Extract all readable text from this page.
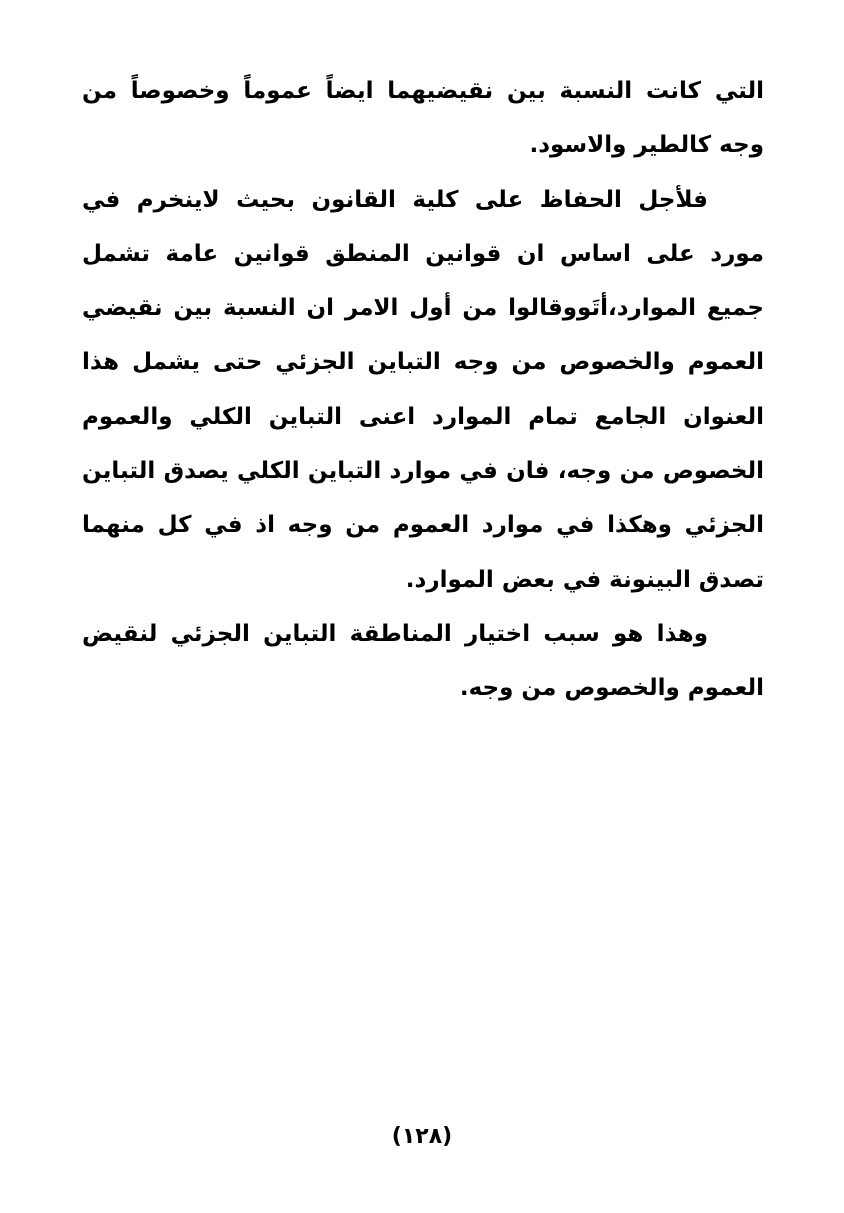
التي كانت النسبة بين نقيضيهما ايضاً عموماً وخصوصاً من وجه كالطير والاسود.

فلأجل الحفاظ على كلية القانون بحيث لاينخرم في مورد على اساس ان قوانين المنطق قوانين عامة تشمل جميع الموارد،أتَووقالوا من أول الامر ان النسبة بين نقيضي العموم والخصوص من وجه التباين الجزئي حتى يشمل هذا العنوان الجامع تمام الموارد اعنى التباين الكلي والعموم الخصوص من وجه، فان في موارد التباين الكلي يصدق التباين الجزئي وهكذا في موارد العموم من وجه اذ في كل منهما تصدق البينونة في بعض الموارد.

وهذا هو سبب اختيار المناطقة التباين الجزئي لنقيض العموم والخصوص من وجه.

(١٢٨)
